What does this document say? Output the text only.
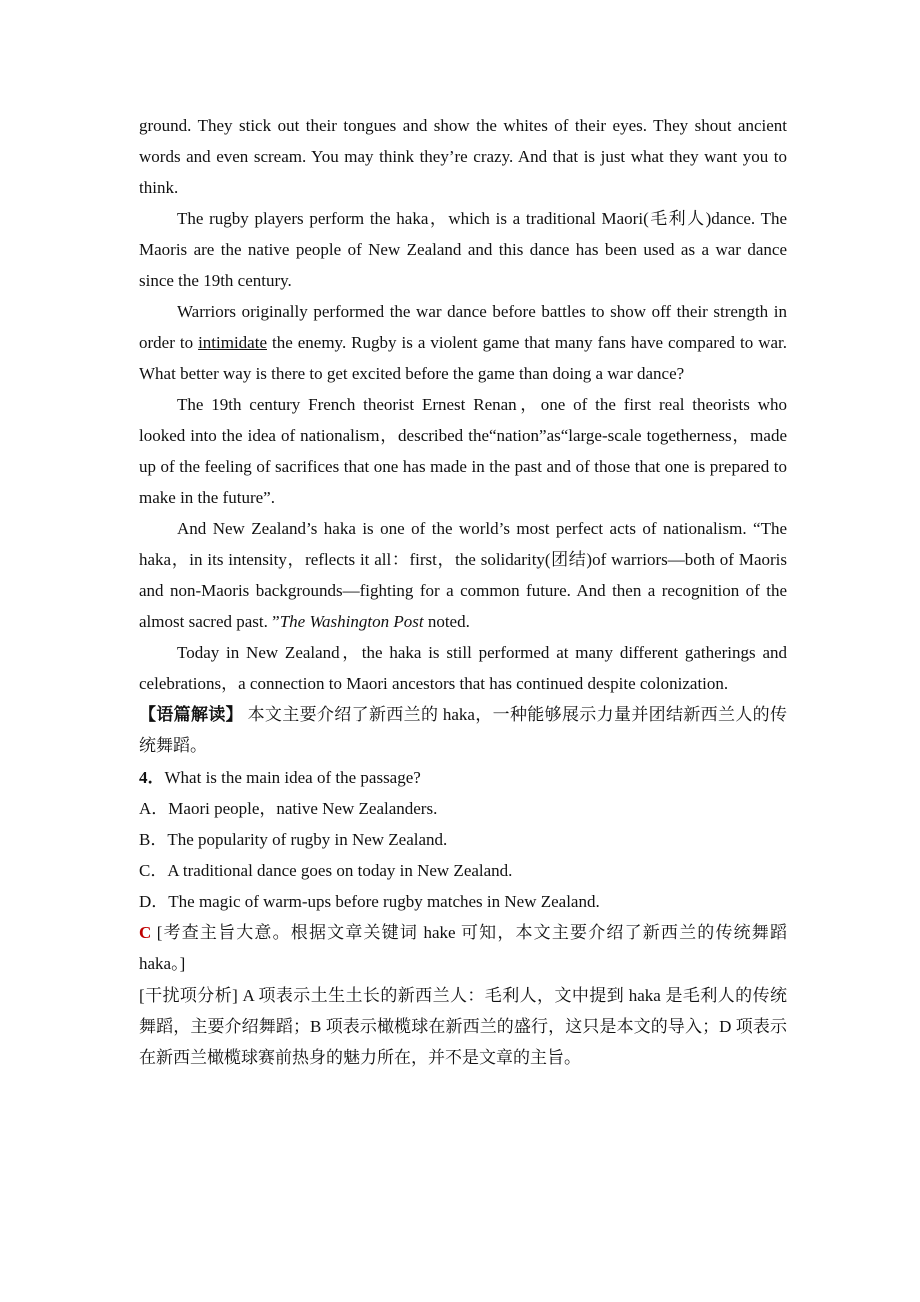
ground. They stick out their tongues and show the whites of their eyes. They shout ancient words and even scream. You may think they’re crazy. And that is just what they want you to think.

The rugby players perform the haka，which is a traditional Maori(毛利人)dance. The Maoris are the native people of New Zealand and this dance has been used as a war dance since the 19th century.

Warriors originally performed the war dance before battles to show off their strength in order to intimidate the enemy. Rugby is a violent game that many fans have compared to war. What better way is there to get excited before the game than doing a war dance?

The 19th century French theorist Ernest Renan，one of the first real theorists who looked into the idea of nationalism，described the“nation”as“large-scale togetherness，made up of the feeling of sacrifices that one has made in the past and of those that one is prepared to make in the future”.

And New Zealand’s haka is one of the world’s most perfect acts of nationalism. “The haka，in its intensity，reflects it all：first，the solidarity(团结)of warriors—both of Maoris and non-Maoris backgrounds—fighting for a common future. And then a recognition of the almost sacred past. ”The Washington Post noted.

Today in New Zealand，the haka is still performed at many different gatherings and celebrations，a connection to Maori ancestors that has continued despite colonization.

【语篇解读】 本文主要介绍了新西兰的 haka，一种能够展示力量并团结新西兰人的传统舞蹈。

4．What is the main idea of the passage?

A．Maori people，native New Zealanders.

B．The popularity of rugby in New Zealand.

C．A traditional dance goes on today in New Zealand.

D．The magic of warm-ups before rugby matches in New Zealand.

C [考查主旨大意。根据文章关键词 hake 可知，本文主要介绍了新西兰的传统舞蹈 haka。]

[干扰项分析] A 项表示土生土长的新西兰人：毛利人，文中提到 haka 是毛利人的传统舞蹈，主要介绍舞蹈；B 项表示橄榄球在新西兰的盛行，这只是本文的导入；D 项表示在新西兰橄榄球赛前热身的魅力所在，并不是文章的主旨。
